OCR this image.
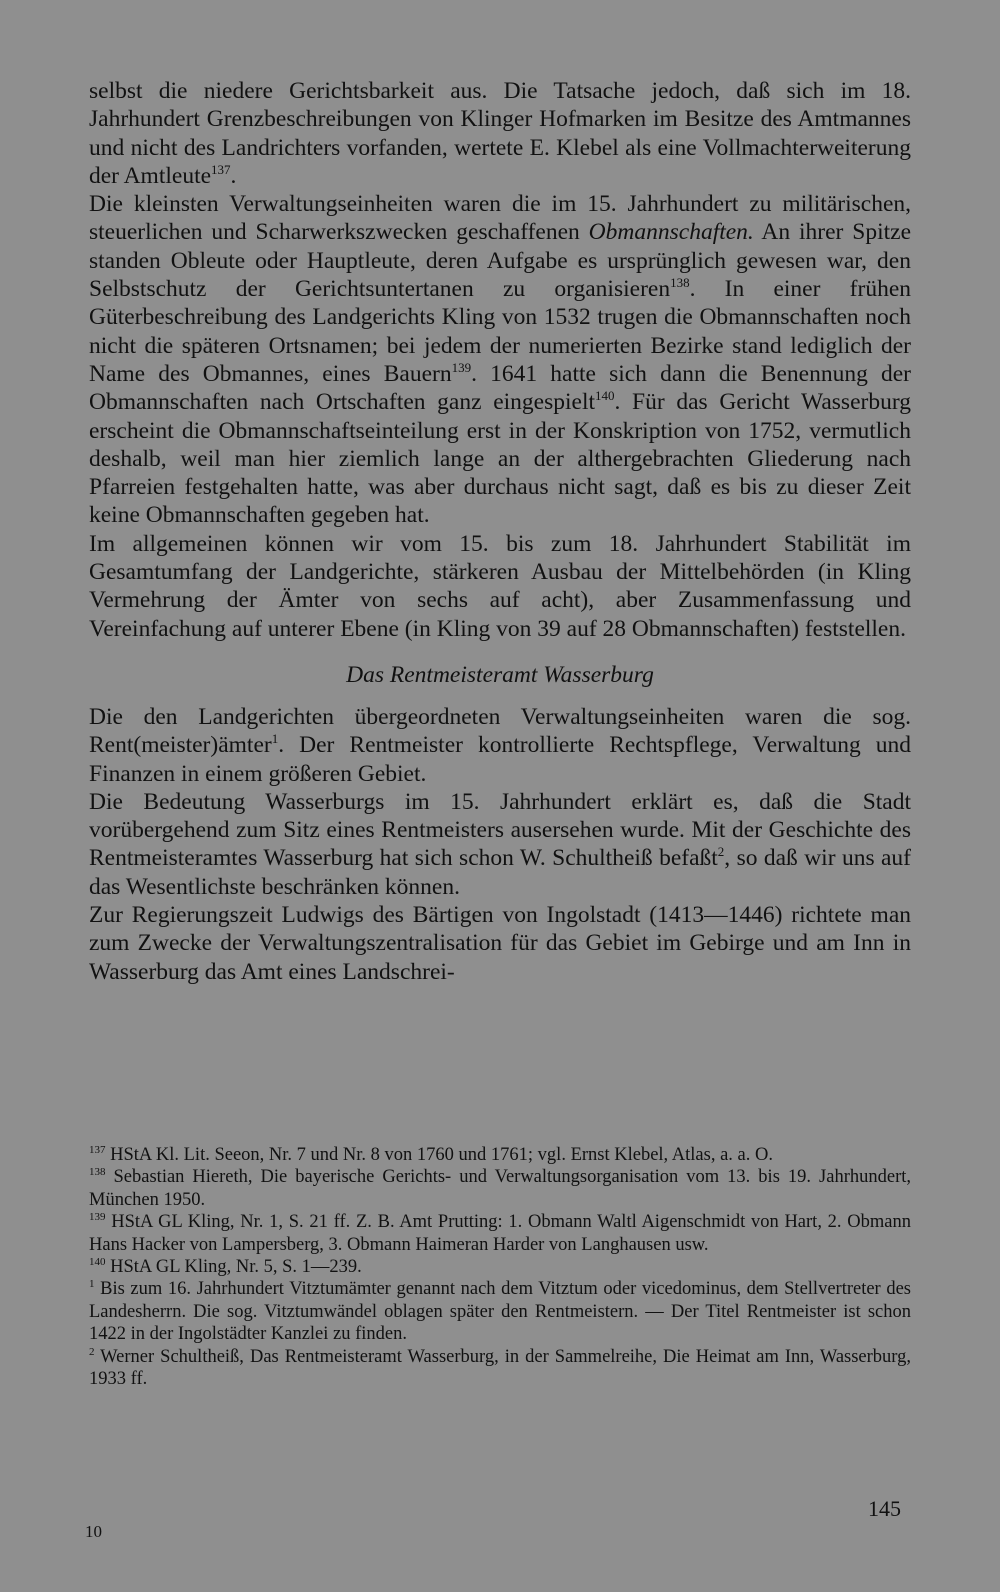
selbst die niedere Gerichtsbarkeit aus. Die Tatsache jedoch, daß sich im 18. Jahrhundert Grenzbeschreibungen von Klinger Hofmarken im Besitze des Amtmannes und nicht des Landrichters vorfanden, wertete E. Klebel als eine Vollmachterweiterung der Amtleute$^{137}$.

Die kleinsten Verwaltungseinheiten waren die im 15. Jahrhundert zu militärischen, steuerlichen und Scharwerkszwecken geschaffenen Obmannschaften. An ihrer Spitze standen Obleute oder Hauptleute, deren Aufgabe es ursprünglich gewesen war, den Selbstschutz der Gerichtsuntertanen zu organisieren$^{138}$. In einer frühen Güterbeschreibung des Landgerichts Kling von 1532 trugen die Obmannschaften noch nicht die späteren Ortsnamen; bei jedem der numerierten Bezirke stand lediglich der Name des Obmannes, eines Bauern$^{139}$. 1641 hatte sich dann die Benennung der Obmannschaften nach Ortschaften ganz eingespielt$^{140}$. Für das Gericht Wasserburg erscheint die Obmannschaftseinteilung erst in der Konskription von 1752, vermutlich deshalb, weil man hier ziemlich lange an der althergebrachten Gliederung nach Pfarreien festgehalten hatte, was aber durchaus nicht sagt, daß es bis zu dieser Zeit keine Obmannschaften gegeben hat.

Im allgemeinen können wir vom 15. bis zum 18. Jahrhundert Stabilität im Gesamtumfang der Landgerichte, stärkeren Ausbau der Mittelbehörden (in Kling Vermehrung der Ämter von sechs auf acht), aber Zusammenfassung und Vereinfachung auf unterer Ebene (in Kling von 39 auf 28 Obmannschaften) feststellen.

Das Rentmeisteramt Wasserburg

Die den Landgerichten übergeordneten Verwaltungseinheiten waren die sog. Rent(meister)ämter$^1$. Der Rentmeister kontrollierte Rechtspflege, Verwaltung und Finanzen in einem größeren Gebiet.

Die Bedeutung Wasserburgs im 15. Jahrhundert erklärt es, daß die Stadt vorübergehend zum Sitz eines Rentmeisters ausersehen wurde. Mit der Geschichte des Rentmeisteramtes Wasserburg hat sich schon W. Schultheiß befaßt$^2$, so daß wir uns auf das Wesentlichste beschränken können.

Zur Regierungszeit Ludwigs des Bärtigen von Ingolstadt (1413—1446) richtete man zum Zwecke der Verwaltungszentralisation für das Gebiet im Gebirge und am Inn in Wasserburg das Amt eines Landschrei-

$^{137}$ HStA Kl. Lit. Seeon, Nr. 7 und Nr. 8 von 1760 und 1761; vgl. Ernst Klebel, Atlas, a. a. O.

$^{138}$ Sebastian Hiereth, Die bayerische Gerichts- und Verwaltungsorganisation vom 13. bis 19. Jahrhundert, München 1950.

$^{139}$ HStA GL Kling, Nr. 1, S. 21 ff. Z. B. Amt Prutting: 1. Obmann Waltl Aigenschmidt von Hart, 2. Obmann Hans Hacker von Lampersberg, 3. Obmann Haimeran Harder von Langhausen usw.

$^{140}$ HStA GL Kling, Nr. 5, S. 1—239.

$^1$ Bis zum 16. Jahrhundert Vitztumämter genannt nach dem Vitztum oder vicedominus, dem Stellvertreter des Landesherrn. Die sog. Vitztumwändel oblagen später den Rentmeistern. — Der Titel Rentmeister ist schon 1422 in der Ingolstädter Kanzlei zu finden.

$^2$ Werner Schultheiß, Das Rentmeisteramt Wasserburg, in der Sammelreihe, Die Heimat am Inn, Wasserburg, 1933 ff.

145
10
